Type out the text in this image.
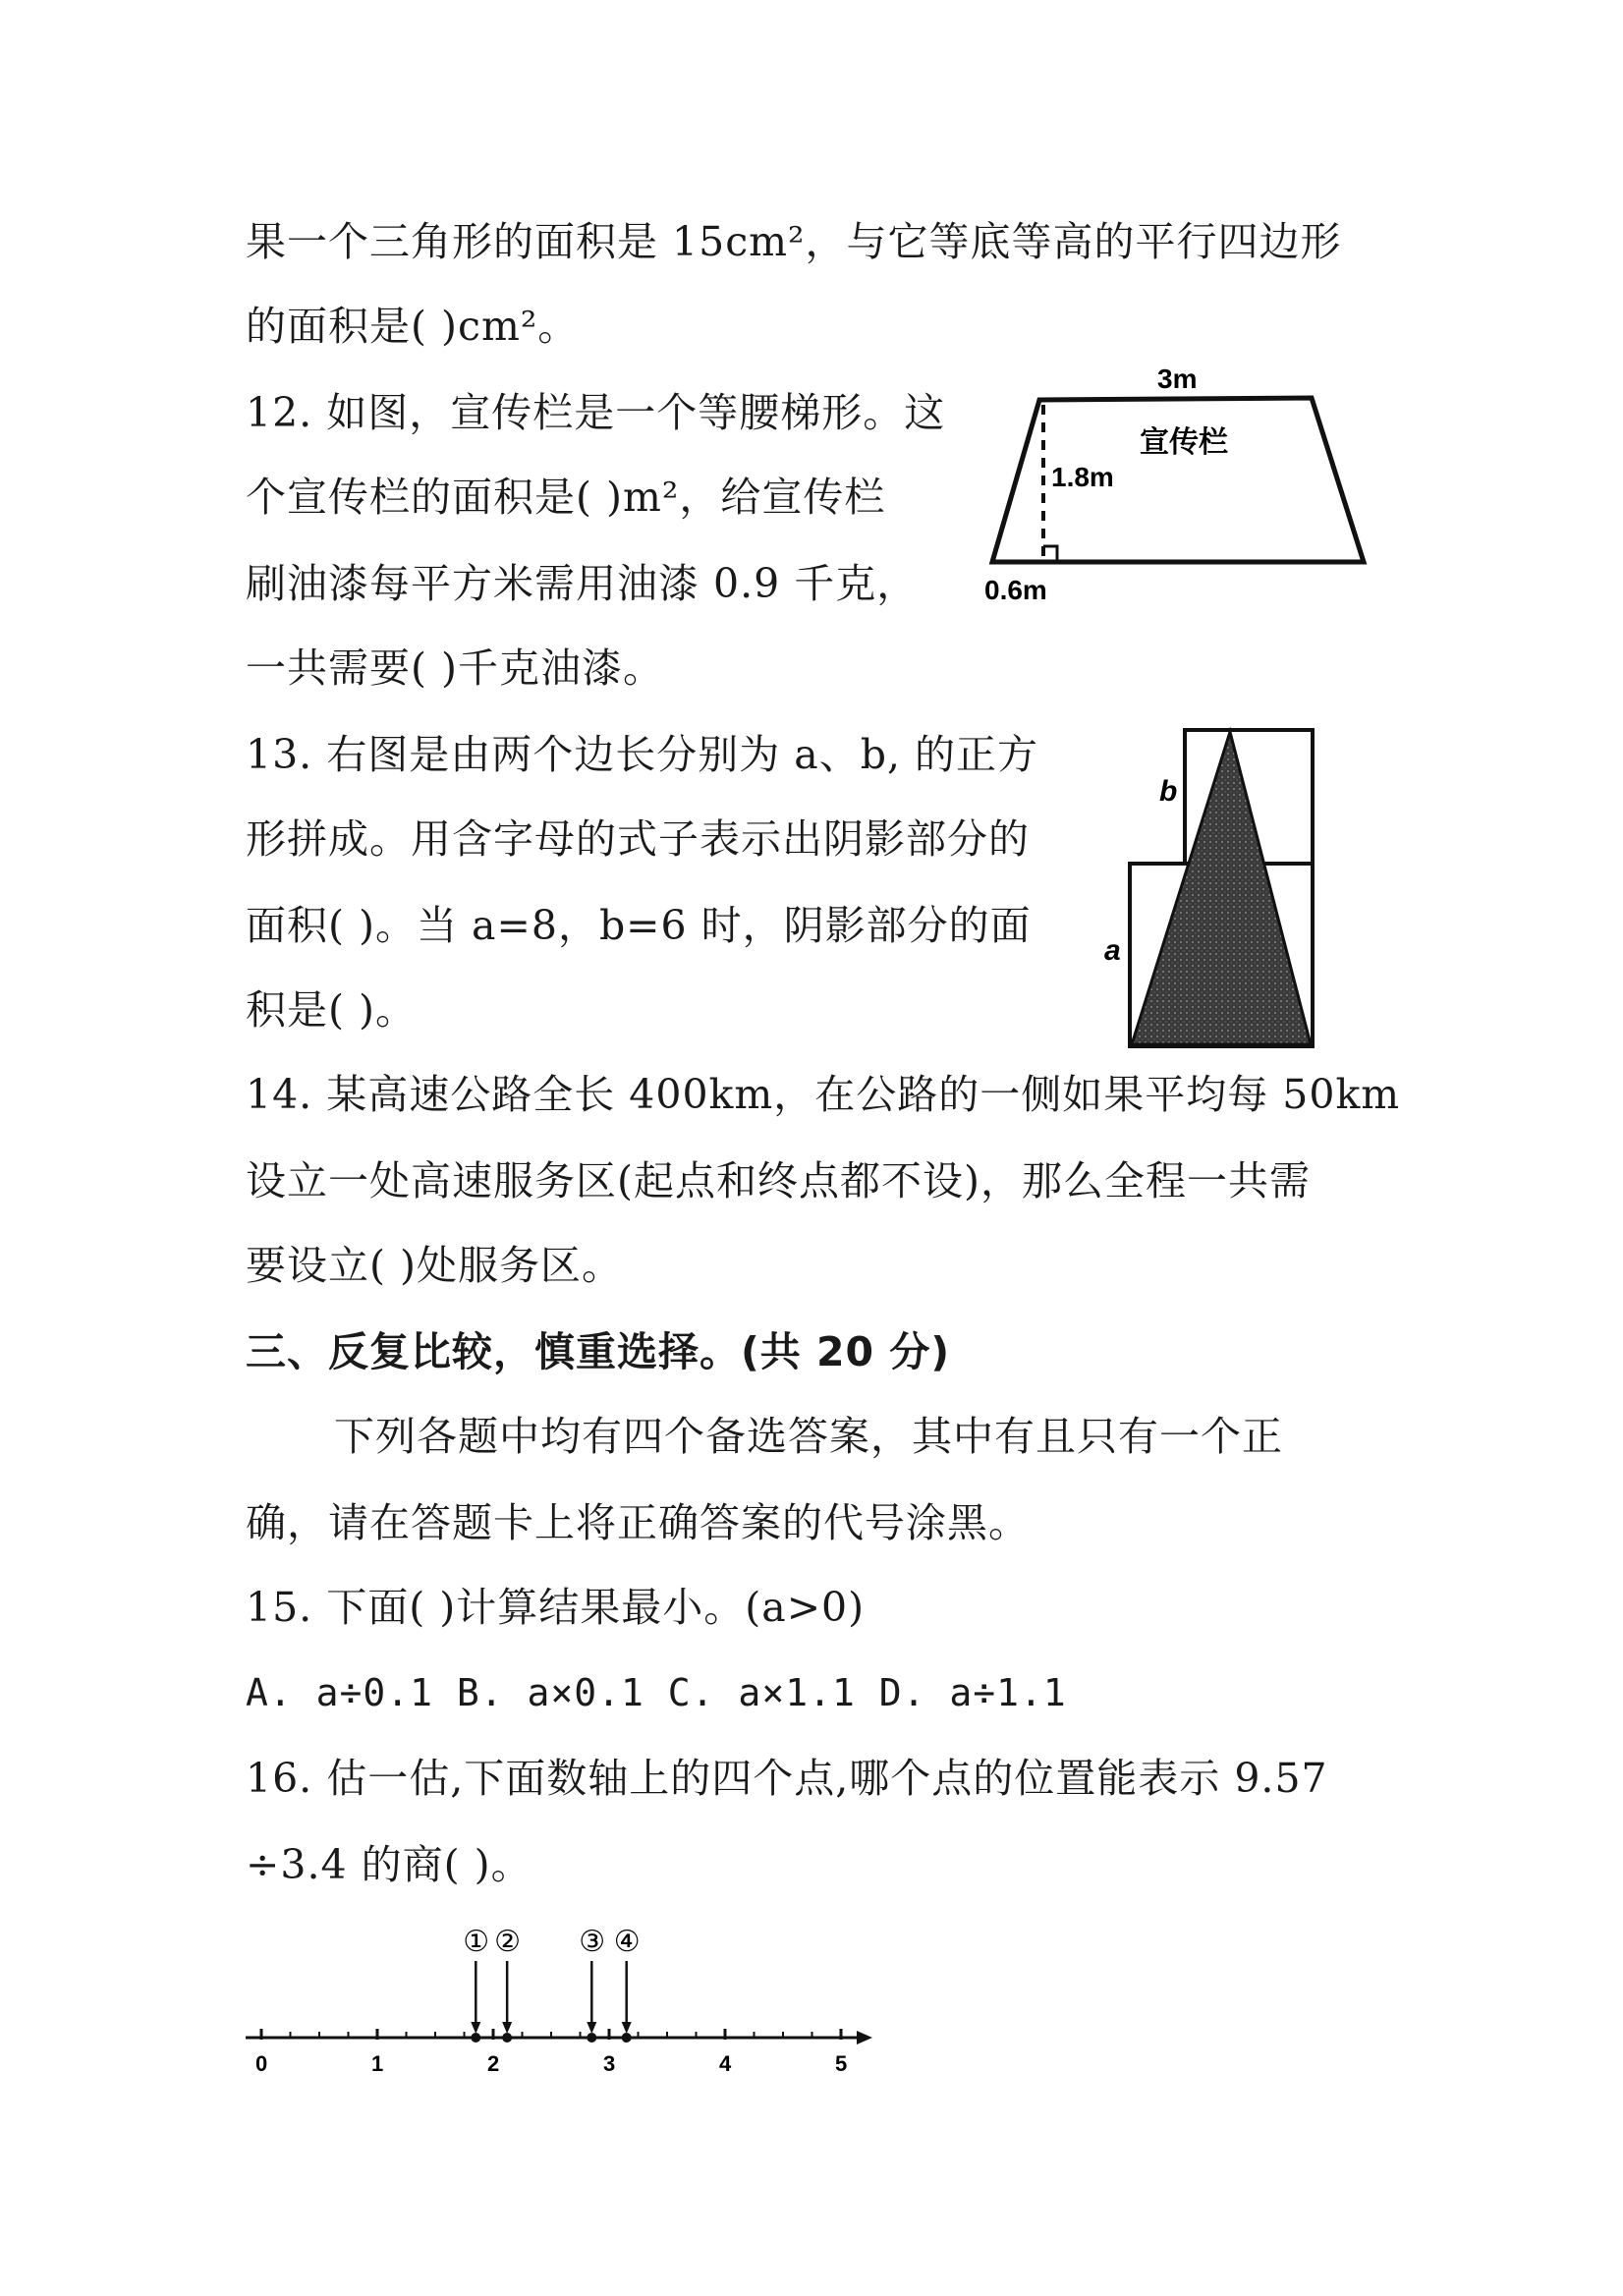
果一个三角形的面积是 15cm²，与它等底等高的平行四边形
的面积是( )cm²。
12. 如图，宣传栏是一个等腰梯形。这
个宣传栏的面积是( )m²，给宣传栏
刷油漆每平方米需用油漆 0.9 千克，
一共需要( )千克油漆。
3m
宣传栏
1.8m
0.6m
13. 右图是由两个边长分别为 a、b, 的正方
形拼成。用含字母的式子表示出阴影部分的
面积( )。当 a=8，b=6 时，阴影部分的面
积是( )。
b
a
14. 某高速公路全长 400km，在公路的一侧如果平均每 50km
设立一处高速服务区(起点和终点都不设)，那么全程一共需
要设立( )处服务区。
三、反复比较，慎重选择。(共 20 分)
下列各题中均有四个备选答案，其中有且只有一个正
确，请在答题卡上将正确答案的代号涂黑。
15. 下面( )计算结果最小。(a>0)
A. a÷0.1 B. a×0.1 C. a×1.1 D. a÷1.1
16. 估一估,下面数轴上的四个点,哪个点的位置能表示 9.57
÷3.4 的商( )。
0	1	2	3	4	5
① ② ③ ④
